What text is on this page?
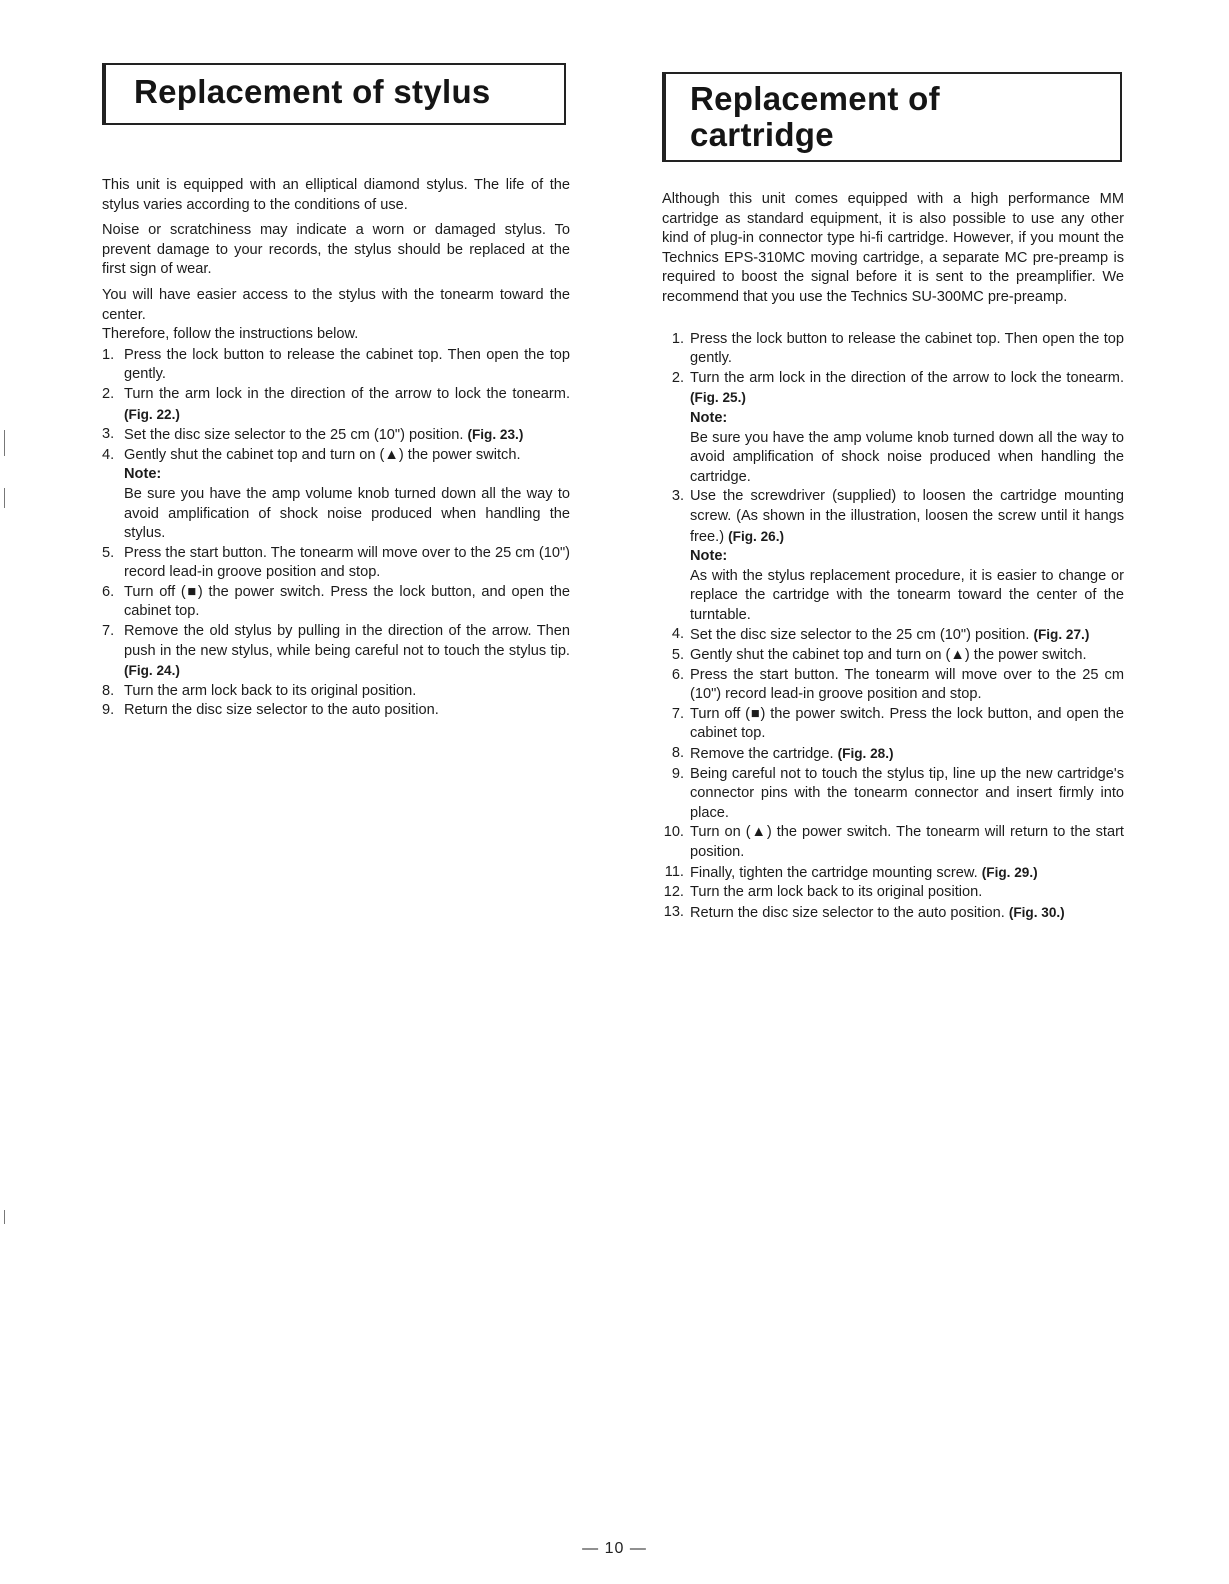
Replacement of stylus

This unit is equipped with an elliptical diamond stylus. The life of the stylus varies according to the conditions of use.

Noise or scratchiness may indicate a worn or damaged stylus. To prevent damage to your records, the stylus should be replaced at the first sign of wear.

You will have easier access to the stylus with the tonearm toward the center.

Therefore, follow the instructions below.

1. Press the lock button to release the cabinet top. Then open the top gently.
2. Turn the arm lock in the direction of the arrow to lock the tonearm. (Fig. 22.)
3. Set the disc size selector to the 25 cm (10") position. (Fig. 23.)
4. Gently shut the cabinet top and turn on (▲) the power switch.
Note:
Be sure you have the amp volume knob turned down all the way to avoid amplification of shock noise produced when handling the stylus.
5. Press the start button. The tonearm will move over to the 25 cm (10") record lead-in groove position and stop.
6. Turn off (■) the power switch. Press the lock button, and open the cabinet top.
7. Remove the old stylus by pulling in the direction of the arrow. Then push in the new stylus, while being careful not to touch the stylus tip. (Fig. 24.)
8. Turn the arm lock back to its original position.
9. Return the disc size selector to the auto position.
Replacement of
cartridge

Although this unit comes equipped with a high performance MM cartridge as standard equipment, it is also possible to use any other kind of plug-in connector type hi-fi cartridge. However, if you mount the Technics EPS-310MC moving cartridge, a separate MC pre-preamp is required to boost the signal before it is sent to the preamplifier. We recommend that you use the Technics SU-300MC pre-preamp.

1. Press the lock button to release the cabinet top. Then open the top gently.
2. Turn the arm lock in the direction of the arrow to lock the tonearm. (Fig. 25.)
Note:
Be sure you have the amp volume knob turned down all the way to avoid amplification of shock noise produced when handling the cartridge.
3. Use the screwdriver (supplied) to loosen the cartridge mounting screw. (As shown in the illustration, loosen the screw until it hangs free.) (Fig. 26.)
Note:
As with the stylus replacement procedure, it is easier to change or replace the cartridge with the tonearm toward the center of the turntable.
4. Set the disc size selector to the 25 cm (10") position. (Fig. 27.)
5. Gently shut the cabinet top and turn on (▲) the power switch.
6. Press the start button. The tonearm will move over to the 25 cm (10") record lead-in groove position and stop.
7. Turn off (■) the power switch. Press the lock button, and open the cabinet top.
8. Remove the cartridge. (Fig. 28.)
9. Being careful not to touch the stylus tip, line up the new cartridge's connector pins with the tonearm connector and insert firmly into place.
10. Turn on (▲) the power switch. The tonearm will return to the start position.
11. Finally, tighten the cartridge mounting screw. (Fig. 29.)
12. Turn the arm lock back to its original position.
13. Return the disc size selector to the auto position. (Fig. 30.)
— 10 —
